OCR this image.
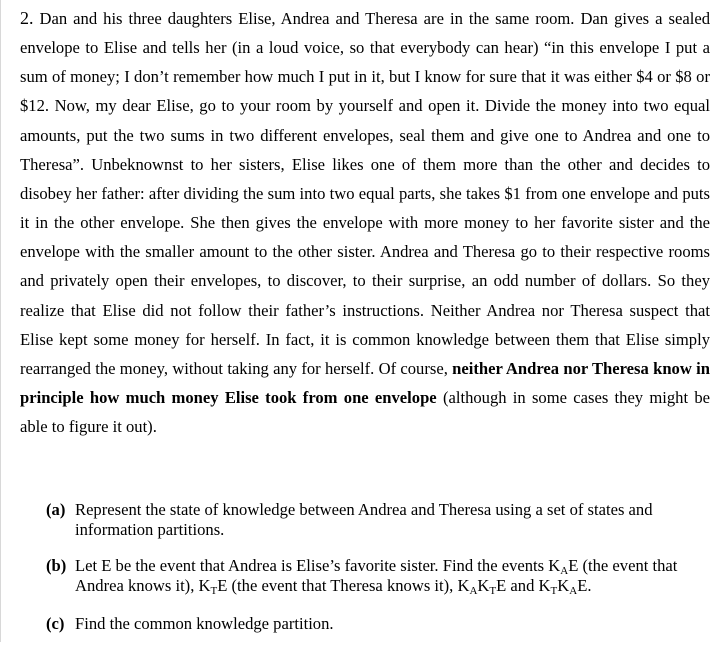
2. Dan and his three daughters Elise, Andrea and Theresa are in the same room. Dan gives a sealed envelope to Elise and tells her (in a loud voice, so that everybody can hear) “in this envelope I put a sum of money; I don’t remember how much I put in it, but I know for sure that it was either $4 or $8 or $12. Now, my dear Elise, go to your room by yourself and open it. Divide the money into two equal amounts, put the two sums in two different envelopes, seal them and give one to Andrea and one to Theresa”. Unbeknownst to her sisters, Elise likes one of them more than the other and decides to disobey her father: after dividing the sum into two equal parts, she takes $1 from one envelope and puts it in the other envelope. She then gives the envelope with more money to her favorite sister and the envelope with the smaller amount to the other sister. Andrea and Theresa go to their respective rooms and privately open their envelopes, to discover, to their surprise, an odd number of dollars. So they realize that Elise did not follow their father’s instructions. Neither Andrea nor Theresa suspect that Elise kept some money for herself. In fact, it is common knowledge between them that Elise simply rearranged the money, without taking any for herself. Of course, neither Andrea nor Theresa know in principle how much money Elise took from one envelope (although in some cases they might be able to figure it out).
(a) Represent the state of knowledge between Andrea and Theresa using a set of states and information partitions.
(b) Let E be the event that Andrea is Elise’s favorite sister. Find the events $K_AE$ (the event that Andrea knows it), $K_TE$ (the event that Theresa knows it), $K_AK_TE$ and $K_TK_AE$.
(c) Find the common knowledge partition.
